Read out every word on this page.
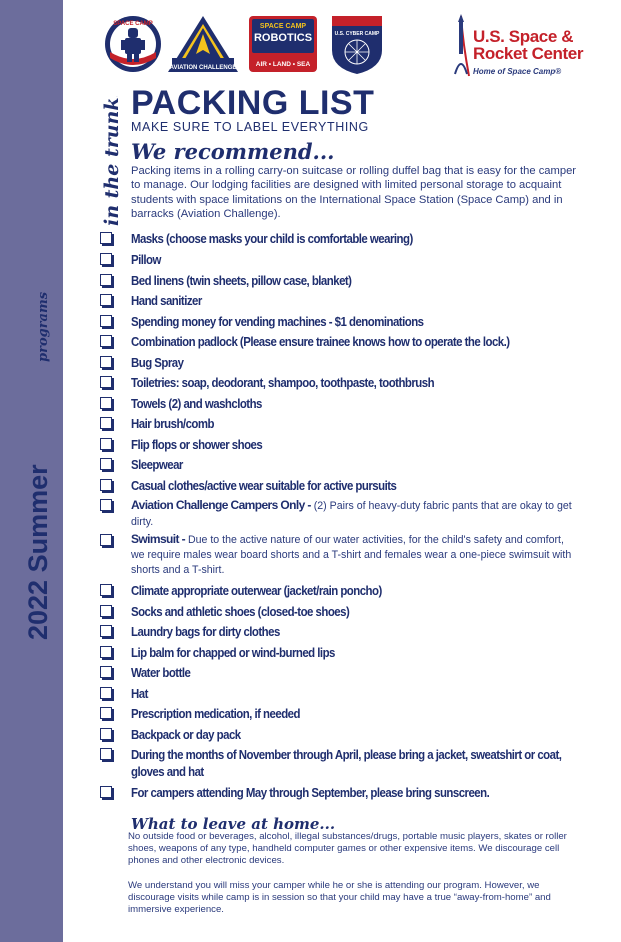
2022 Summer
programs
SPACE CAMP
AVIATION CHALLENGE
SPACE CAMP
ROBOTICS
AIR • LAND • SEA
U.S. CYBER CAMP	U.S. Space &
Rocket Center
Home of Space Camp®
in the trunk! PACKING LIST
MAKE SURE TO LABEL EVERYTHING
We recommend...
Packing items in a rolling carry-on suitcase or rolling duffel bag that is easy for the camper to manage. Our lodging facilities are designed with limited personal storage to acquaint students with space limitations on the International Space Station (Space Camp) and in barracks (Aviation Challenge).
Masks (choose masks your child is comfortable wearing)
Pillow
Bed linens (twin sheets, pillow case, blanket)
Hand sanitizer
Spending money for vending machines - $1 denominations
Combination padlock (Please ensure trainee knows how to operate the lock.)
Bug Spray
Toiletries: soap, deodorant, shampoo, toothpaste, toothbrush
Towels (2) and washcloths
Hair brush/comb
Flip flops or shower shoes
Sleepwear
Casual clothes/active wear suitable for active pursuits
Aviation Challenge Campers Only - (2) Pairs of heavy-duty fabric pants that are okay to get dirty.
Swimsuit - Due to the active nature of our water activities, for the child's safety and comfort, we require males wear board shorts and a T-shirt and females wear a one-piece swimsuit with shorts and a T-shirt.
Climate appropriate outerwear (jacket/rain poncho)
Socks and athletic shoes (closed-toe shoes)
Laundry bags for dirty clothes
Lip balm for chapped or wind-burned lips
Water bottle
Hat
Prescription medication, if needed
Backpack or day pack
During the months of November through April, please bring a jacket, sweatshirt or coat, gloves and hat
For campers attending May through September, please bring sunscreen.
What to leave at home...
No outside food or beverages, alcohol, illegal substances/drugs, portable music players, skates or roller shoes, weapons of any type, handheld computer games or other expensive items. We discourage cell phones and other electronic devices.
We understand you will miss your camper while he or she is attending our program. However, we discourage visits while camp is in session so that your child may have a true “away-from-home” and immersive experience.
